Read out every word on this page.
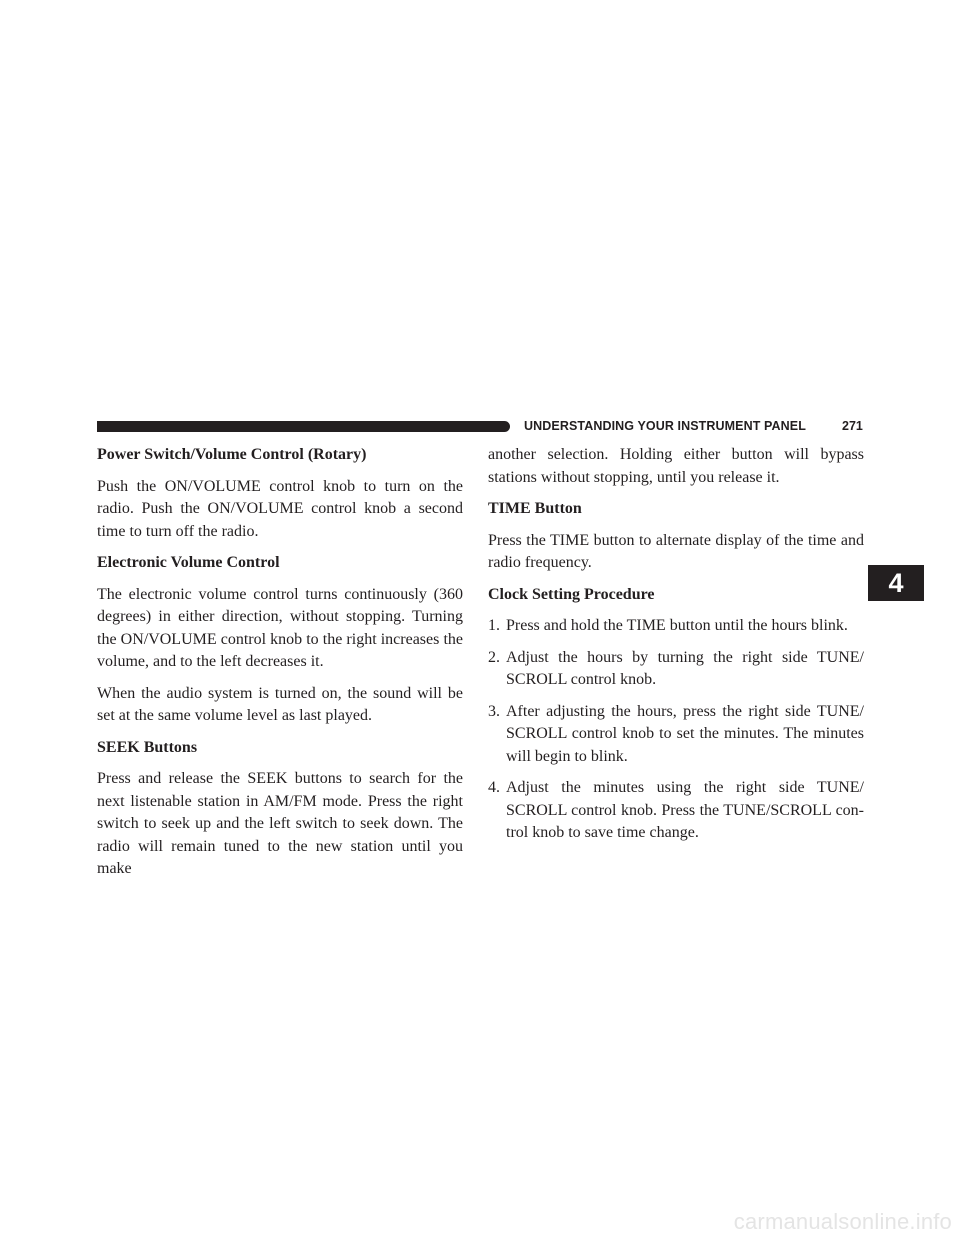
UNDERSTANDING YOUR INSTRUMENT PANEL	271
Power Switch/Volume Control (Rotary)

Push the ON/VOLUME control knob to turn on the radio. Push the ON/VOLUME control knob a second time to turn off the radio.

Electronic Volume Control

The electronic volume control turns continuously (360 degrees) in either direction, without stopping. Turning the ON/VOLUME control knob to the right increases the volume, and to the left decreases it.

When the audio system is turned on, the sound will be set at the same volume level as last played.

SEEK Buttons

Press and release the SEEK buttons to search for the next listenable station in AM/FM mode. Press the right switch to seek up and the left switch to seek down. The radio will remain tuned to the new station until you make

another selection. Holding either button will bypass stations without stopping, until you release it.

TIME Button

Press the TIME button to alternate display of the time and radio frequency.

Clock Setting Procedure
1. Press and hold the TIME button until the hours blink.
2. Adjust the hours by turning the right side TUNE/ SCROLL control knob.
3. After adjusting the hours, press the right side TUNE/ SCROLL control knob to set the minutes. The minutes will begin to blink.
4. Adjust the minutes using the right side TUNE/ SCROLL control knob. Press the TUNE/SCROLL con- trol knob to save time change.
4
carmanualsonline.info
